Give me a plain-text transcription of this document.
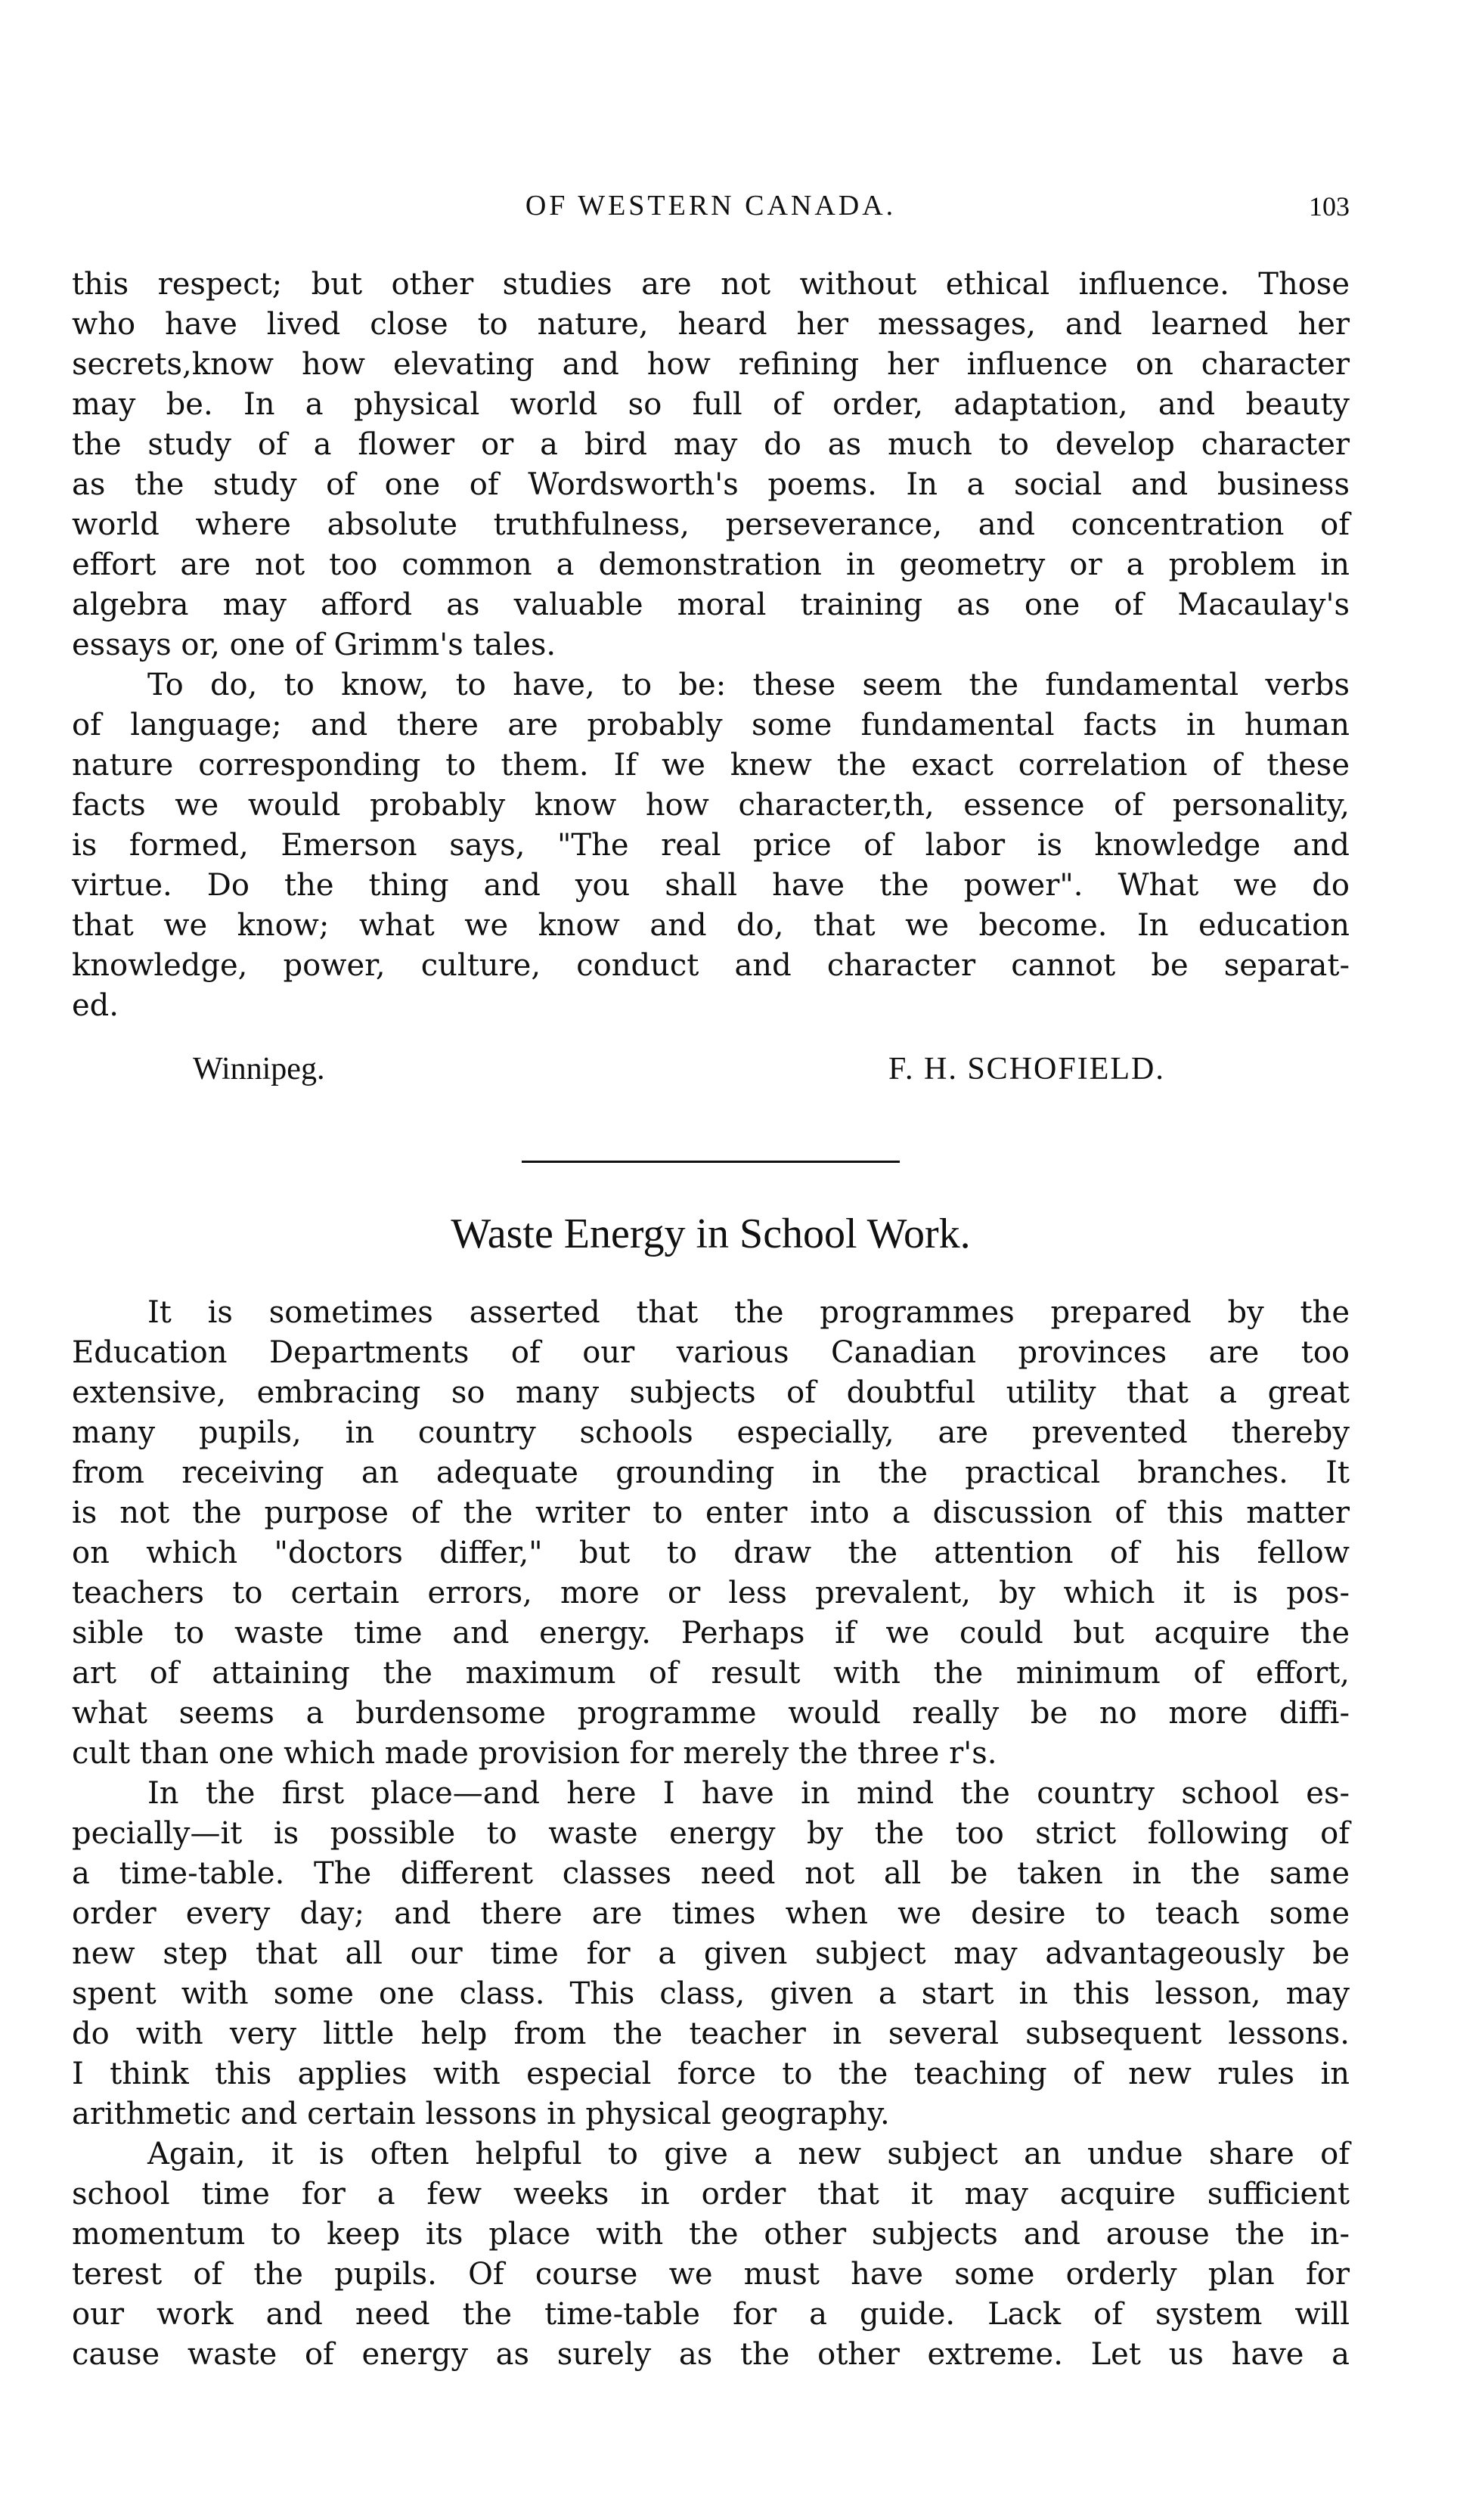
OF WESTERN CANADA.	103
this respect; but other studies are not without ethical influence. Those
who have lived close to nature, heard her messages, and learned her
secrets,know how elevating and how refining her influence on character
may be. In a physical world so full of order, adaptation, and beauty
the study of a flower or a bird may do as much to develop character
as the study of one of Wordsworth's poems. In a social and business
world where absolute truthfulness, perseverance, and concentration of
effort are not too common a demonstration in geometry or a problem in
algebra may afford as valuable moral training as one of Macaulay's
essays or, one of Grimm's tales.
To do, to know, to have, to be: these seem the fundamental verbs
of language; and there are probably some fundamental facts in human
nature corresponding to them. If we knew the exact correlation of these
facts we would probably know how character,th, essence of personality,
is formed, Emerson says, "The real price of labor is knowledge and
virtue. Do the thing and you shall have the power". What we do
that we know; what we know and do, that we become. In education
knowledge, power, culture, conduct and character cannot be separat-
ed.
Winnipeg.	F. H. SCHOFIELD.
Waste Energy in School Work.
It is sometimes asserted that the programmes prepared by the
Education Departments of our various Canadian provinces are too
extensive, embracing so many subjects of doubtful utility that a great
many pupils, in country schools especially, are prevented thereby
from receiving an adequate grounding in the practical branches. It
is not the purpose of the writer to enter into a discussion of this matter
on which "doctors differ," but to draw the attention of his fellow
teachers to certain errors, more or less prevalent, by which it is pos-
sible to waste time and energy. Perhaps if we could but acquire the
art of attaining the maximum of result with the minimum of effort,
what seems a burdensome programme would really be no more diffi-
cult than one which made provision for merely the three r's.
In the first place—and here I have in mind the country school es-
pecially—it is possible to waste energy by the too strict following of
a time-table. The different classes need not all be taken in the same
order every day; and there are times when we desire to teach some
new step that all our time for a given subject may advantageously be
spent with some one class. This class, given a start in this lesson, may
do with very little help from the teacher in several subsequent lessons.
I think this applies with especial force to the teaching of new rules in
arithmetic and certain lessons in physical geography.
Again, it is often helpful to give a new subject an undue share of
school time for a few weeks in order that it may acquire sufficient
momentum to keep its place with the other subjects and arouse the in-
terest of the pupils. Of course we must have some orderly plan for
our work and need the time-table for a guide. Lack of system will
cause waste of energy as surely as the other extreme. Let us have a
